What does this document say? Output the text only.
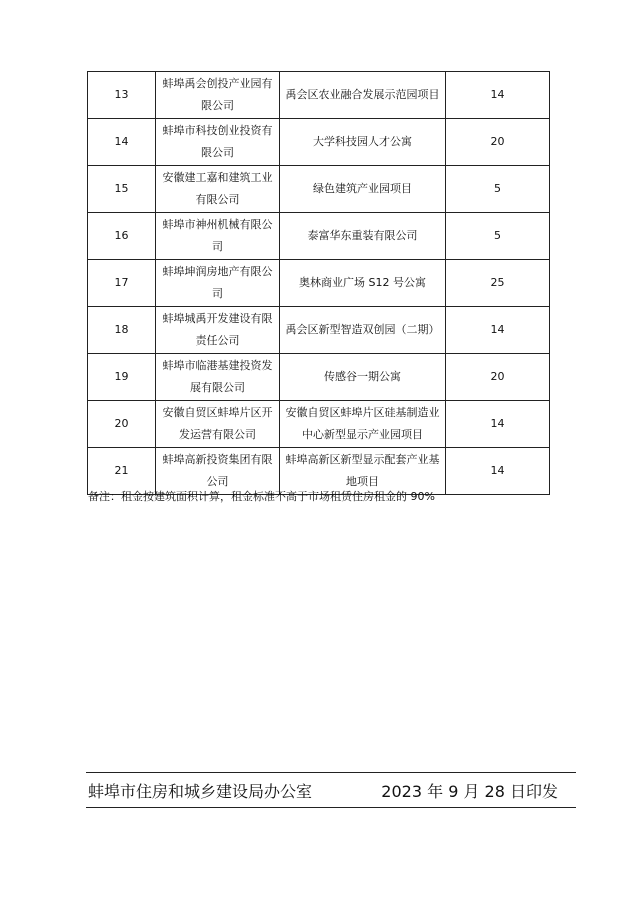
13	蚌埠禹会创投产业园有限公司	禹会区农业融合发展示范园项目	14
14	蚌埠市科技创业投资有限公司	大学科技园人才公寓	20
15	安徽建工嘉和建筑工业有限公司	绿色建筑产业园项目	5
16	蚌埠市神州机械有限公司	泰富华东重装有限公司	5
17	蚌埠坤润房地产有限公司	奥林商业广场 S12 号公寓	25
18	蚌埠城禹开发建设有限责任公司	禹会区新型智造双创园（二期）	14
19	蚌埠市临港基建投资发展有限公司	传感谷一期公寓	20
20	安徽自贸区蚌埠片区开发运营有限公司	安徽自贸区蚌埠片区硅基制造业中心新型显示产业园项目	14
21	蚌埠高新投资集团有限公司	蚌埠高新区新型显示配套产业基地项目	14
备注：租金按建筑面积计算，租金标准不高于市场租赁住房租金的 90%
蚌埠市住房和城乡建设局办公室	2023 年 9 月 28 日印发
